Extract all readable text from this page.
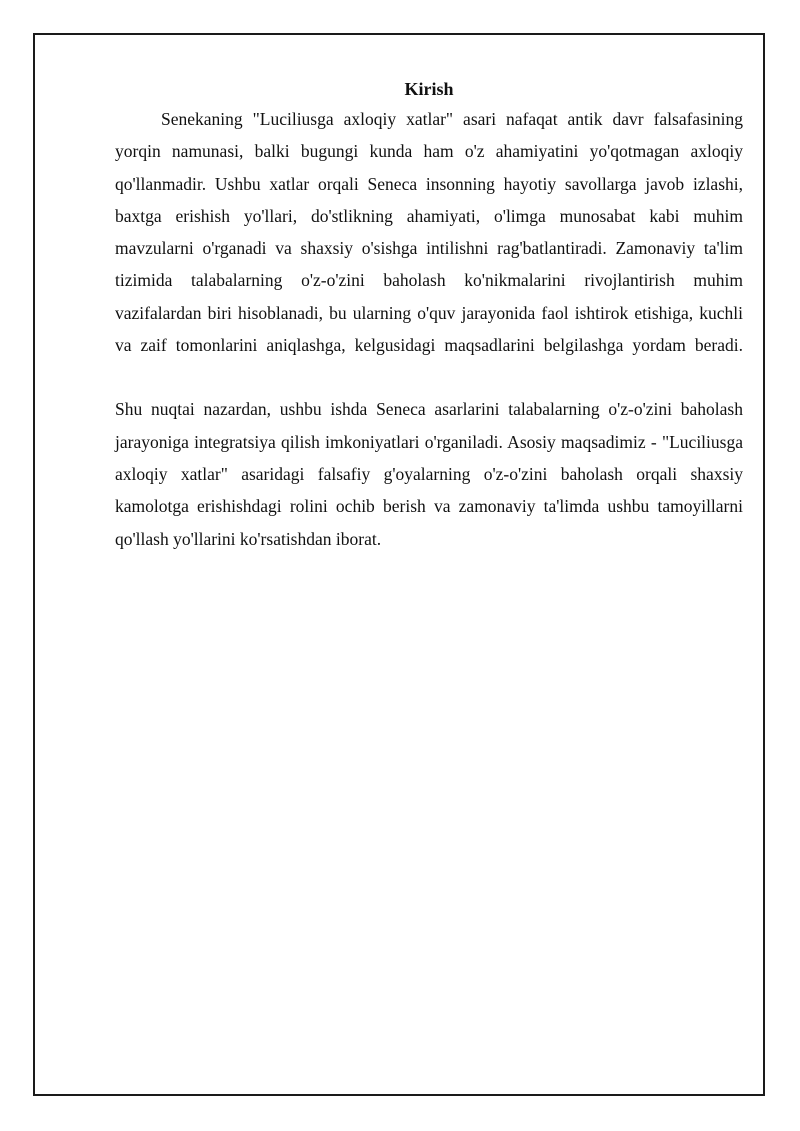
Kirish

Senekaning "Luciliusga axloqiy xatlar" asari nafaqat antik davr falsafasining yorqin namunasi, balki bugungi kunda ham o'z ahamiyatini yo'qotmagan axloqiy qo'llanmadir. Ushbu xatlar orqali Seneca insonning hayotiy savollarga javob izlashi, baxtga erishish yo'llari, do'stlikning ahamiyati, o'limga munosabat kabi muhim mavzularni o'rganadi va shaxsiy o'sishga intilishni rag'batlantiradi. Zamonaviy ta'lim tizimida talabalarning o'z-o'zini baholash ko'nikmalarini rivojlantirish muhim vazifalardan biri hisoblanadi, bu ularning o'quv jarayonida faol ishtirok etishiga, kuchli va zaif tomonlarini aniqlashga, kelgusidagi maqsadlarini belgilashga yordam beradi.

Shu nuqtai nazardan, ushbu ishda Seneca asarlarini talabalarning o'z-o'zini baholash jarayoniga integratsiya qilish imkoniyatlari o'rganiladi. Asosiy maqsadimiz - "Luciliusga axloqiy xatlar" asaridagi falsafiy g'oyalarning o'z-o'zini baholash orqali shaxsiy kamolotga erishishdagi rolini ochib berish va zamonaviy ta'limda ushbu tamoyillarni qo'llash yo'llarini ko'rsatishdan iborat.
